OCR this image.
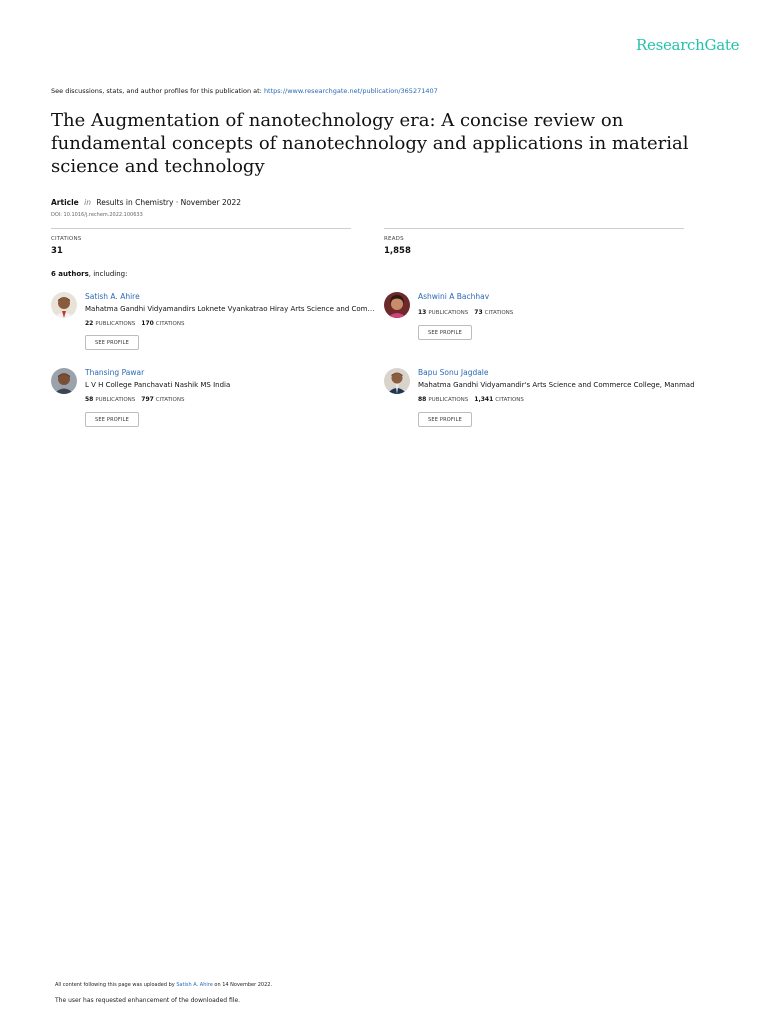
ResearchGate
See discussions, stats, and author profiles for this publication at: https://www.researchgate.net/publication/365271407
The Augmentation of nanotechnology era: A concise review on fundamental concepts of nanotechnology and applications in material science and technology
Article in Results in Chemistry · November 2022
DOI: 10.1016/j.rechem.2022.100633
CITATIONS
31
READS
1,858
6 authors, including:
Satish A. Ahire
Mahatma Gandhi Vidyamandirs Loknete Vyankatrao Hiray Arts Science and Com…
22 PUBLICATIONS 170 CITATIONS
SEE PROFILE
Ashwini A Bachhav
13 PUBLICATIONS 73 CITATIONS
SEE PROFILE
Thansing Pawar
L V H College Panchavati Nashik MS India
58 PUBLICATIONS 797 CITATIONS
SEE PROFILE
Bapu Sonu Jagdale
Mahatma Gandhi Vidyamandir's Arts Science and Commerce College, Manmad
88 PUBLICATIONS 1,341 CITATIONS
SEE PROFILE
All content following this page was uploaded by Satish A. Ahire on 14 November 2022.
The user has requested enhancement of the downloaded file.
